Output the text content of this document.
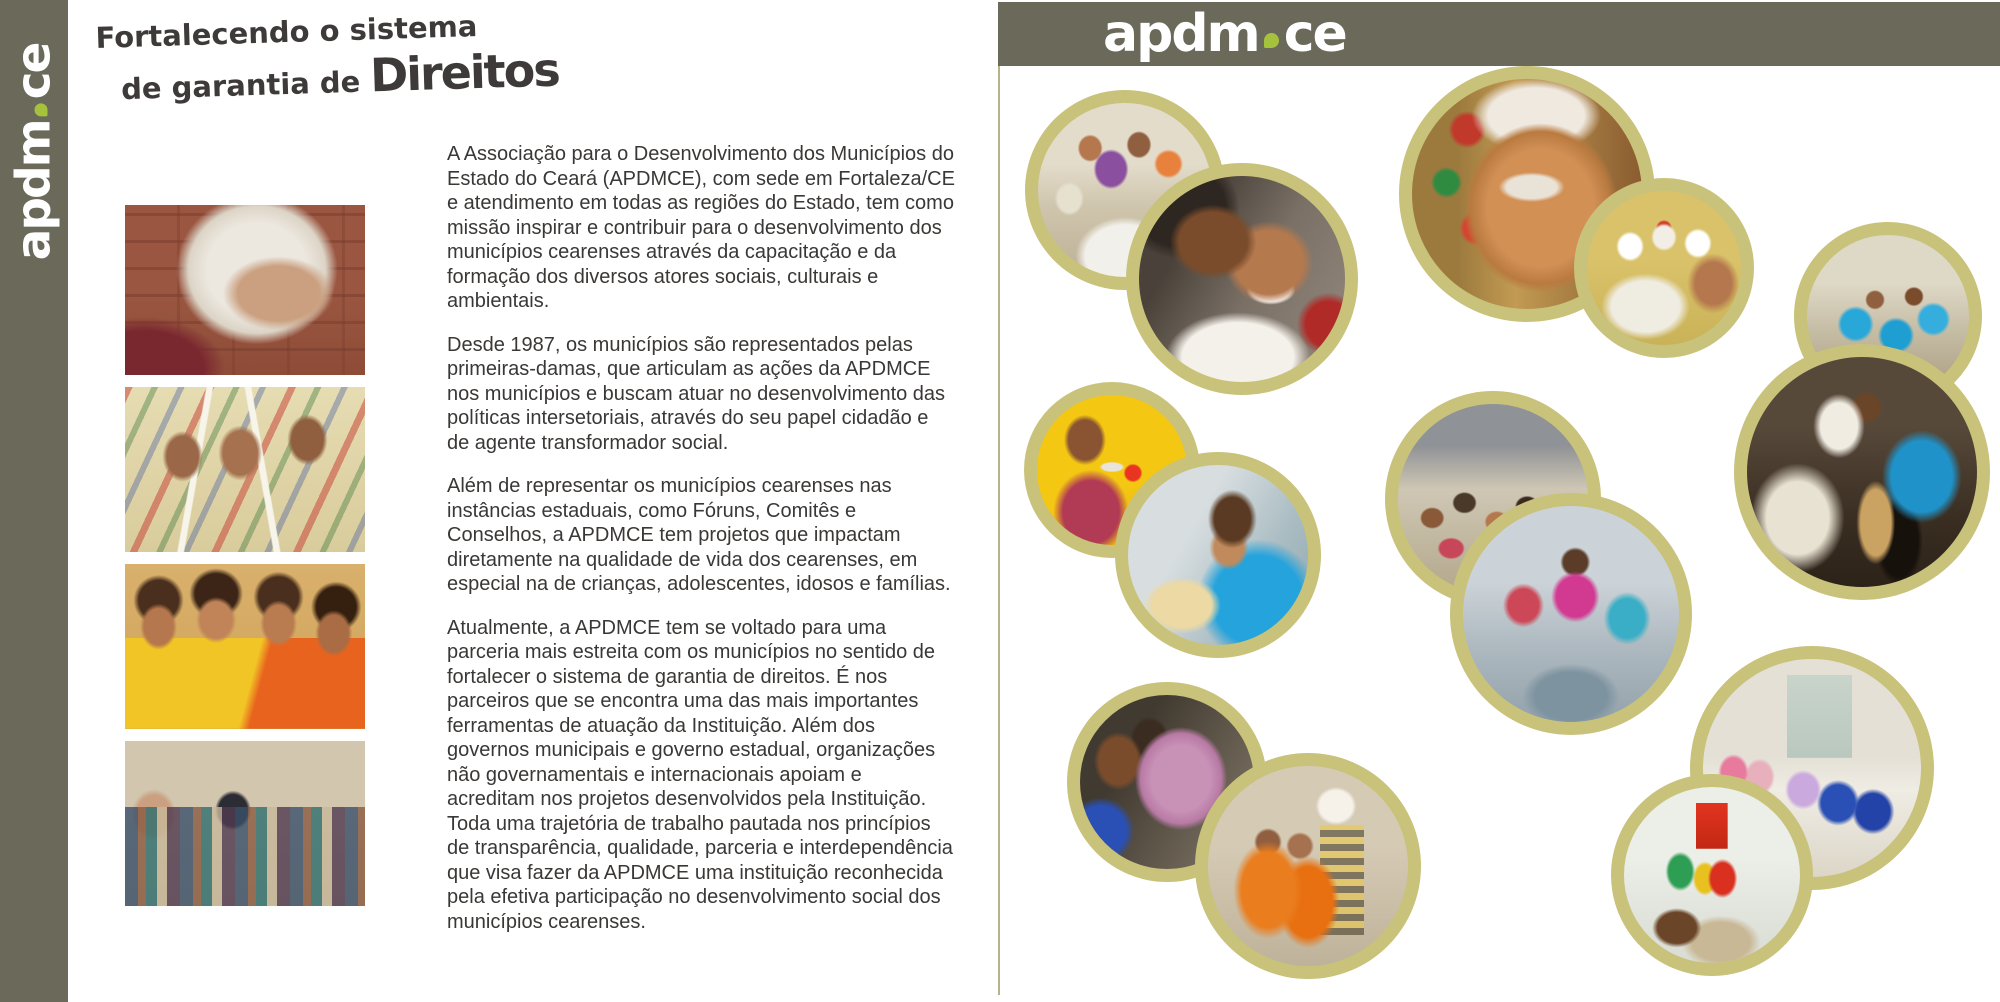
apdmce
Fortalecendo o sistema
de garantia de Direitos

A Associação para o Desenvolvimento dos Municípios do Estado do Ceará (APDMCE), com sede em Fortaleza/CE e atendimento em todas as regiões do Estado, tem como missão inspirar e contribuir para o desenvolvimento dos municípios cearenses através da capacitação e da formação dos diversos atores sociais, culturais e ambientais.

Desde 1987, os municípios são representados pelas primeiras-damas, que articulam as ações da APDMCE nos municípios e buscam atuar no desenvolvimento das políticas intersetoriais, através do seu papel cidadão e de agente transformador social.

Além de representar os municípios cearenses nas instâncias estaduais, como Fóruns, Comitês e Conselhos, a APDMCE tem projetos que impactam diretamente na qualidade de vida dos cearenses, em especial na de crianças, adolescentes, idosos e famílias.

Atualmente, a APDMCE tem se voltado para uma parceria mais estreita com os municípios no sentido de fortalecer o sistema de garantia de direitos. É nos parceiros que se encontra uma das mais importantes ferramentas de atuação da Instituição. Além dos governos municipais e governo estadual, organizações não governamentais e internacionais apoiam e acreditam nos projetos desenvolvidos pela Instituição. Toda uma trajetória de trabalho pautada nos princípios de transparência, qualidade, parceria e interdependência que visa fazer da APDMCE uma instituição reconhecida pela efetiva participação no desenvolvimento social dos municípios cearenses.

apdm ce
